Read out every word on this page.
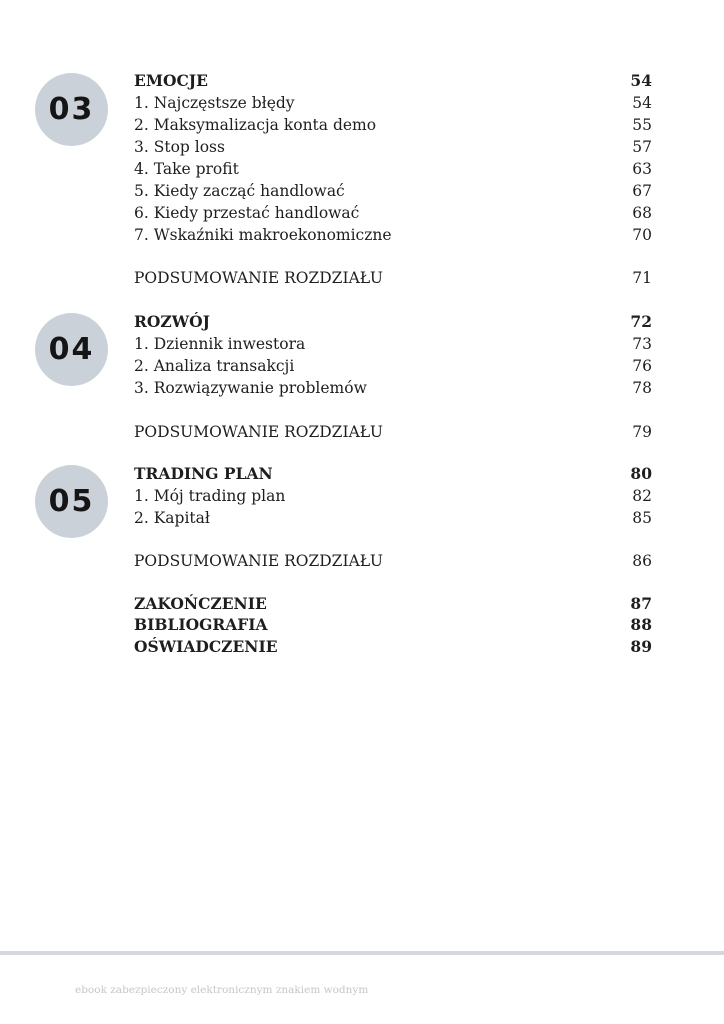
03
EMOCJE	54
1. Najczęstsze błędy	54
2. Maksymalizacja konta demo	55
3. Stop loss	57
4. Take profit	63
5. Kiedy zacząć handlować	67
6. Kiedy przestać handlować	68
7. Wskaźniki makroekonomiczne	70
PODSUMOWANIE ROZDZIAŁU	71
04
ROZWÓJ	72
1. Dziennik inwestora	73
2. Analiza transakcji	76
3. Rozwiązywanie problemów	78
PODSUMOWANIE ROZDZIAŁU	79
05
TRADING PLAN	80
1. Mój trading plan	82
2. Kapitał	85
PODSUMOWANIE ROZDZIAŁU	86
ZAKOŃCZENIE	87
BIBLIOGRAFIA	88
OŚWIADCZENIE	89
ebook zabezpieczony elektronicznym znakiem wodnym
